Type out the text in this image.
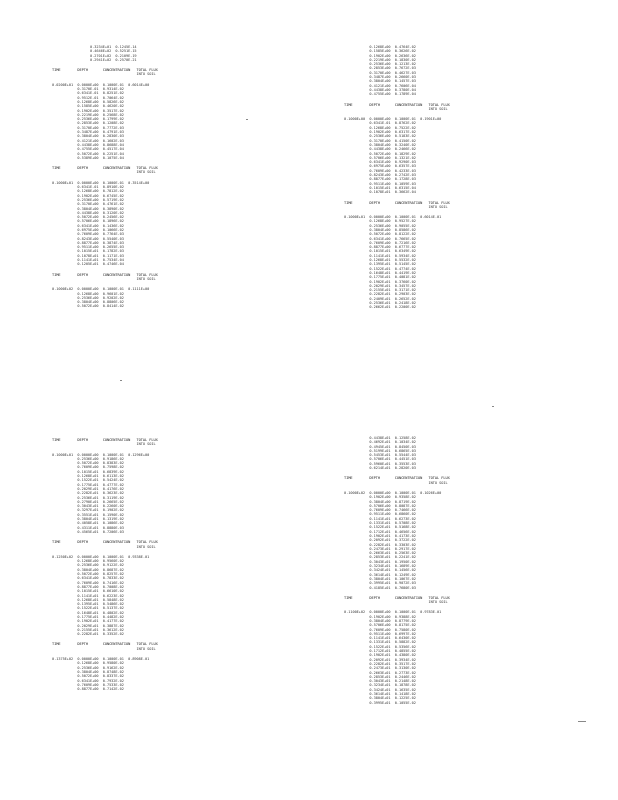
0.3234E+01  0.1245E-14
0.4646E+02  0.5251E-15
0.2701E+02  0.2109E-19
0.2941E+02  0.2570E-21
TIME        DEPTH       CONCENTRATION   TOTAL FLUX
INTO SOIL
0.0200E+01  0.0000E+00  0.1000E-01  0.6014E+00
0.3170E-01  0.9314E-02
0.6341E-01  0.8251E-02
0.9512E-01  0.7064E-02
0.1268E+00  0.5826E-02
0.1585E+00  0.4620E-02
0.1902E+00  0.3517E-02
0.2219E+00  0.2568E-02
0.2536E+00  0.1799E-02
0.2853E+00  0.1208E-02
0.3170E+00  0.7772E-03
0.3487E+00  0.4791E-03
0.3804E+00  0.2830E-03
0.4121E+00  0.1602E-03
0.4438E+00  0.8688E-04
0.4755E+00  0.4517E-04
0.5072E+00  0.2251E-04
0.5389E+00  0.1075E-04
TIME        DEPTH       CONCENTRATION   TOTAL FLUX
INTO SOIL
0.1000E+01  0.0000E+00  0.1000E-01  0.3514E+00
0.6341E-01  0.8910E-02
0.1268E+00  0.7812E-02
0.1902E+00  0.6745E-02
0.2536E+00  0.5719E-02
0.3170E+00  0.4761E-02
0.3804E+00  0.3890E-02
0.4438E+00  0.3120E-02
0.5072E+00  0.2456E-02
0.5706E+00  0.1896E-02
0.6341E+00  0.1436E-02
0.6975E+00  0.1066E-02
0.7609E+00  0.7764E-03
0.8243E+00  0.5540E-03
0.8877E+00  0.3874E-03
0.9511E+00  0.2655E-03
0.1015E+01  0.1782E-03
0.1078E+01  0.1171E-03
0.1141E+01  0.7534E-04
0.1205E+01  0.4746E-04
TIME        DEPTH       CONCENTRATION   TOTAL FLUX
INTO SOIL
0.1000E+02  0.0000E+00  0.1000E-01  0.1111E+00
0.1268E+00  0.9601E-02
0.2536E+00  0.9202E-02
0.3804E+00  0.8806E-02
0.5072E+00  0.8414E-02
0.1268E+00  0.4764E-02
0.1585E+00  0.3626E-02
0.1902E+00  0.2636E-02
0.2219E+00  0.1830E-02
0.2536E+00  0.1213E-02
0.2853E+00  0.7672E-03
0.3170E+00  0.4627E-03
0.3487E+00  0.2660E-03
0.3804E+00  0.1457E-03
0.4121E+00  0.7606E-04
0.4438E+00  0.3780E-04
0.4755E+00  0.1789E-04
TIME        DEPTH       CONCENTRATION   TOTAL FLUX
INTO SOIL
0.1000E+00  0.0000E+00  0.1000E-01  0.1901E+00
0.6341E-01  0.8762E-02
0.1268E+00  0.7522E-02
0.1902E+00  0.6317E-02
0.2536E+00  0.5183E-02
0.3170E+00  0.4150E-02
0.3804E+00  0.3240E-02
0.4438E+00  0.2466E-02
0.5072E+00  0.1829E-02
0.5706E+00  0.1321E-02
0.6341E+00  0.9290E-03
0.6975E+00  0.6357E-03
0.7609E+00  0.4233E-03
0.8243E+00  0.2742E-03
0.8877E+00  0.1728E-03
0.9511E+00  0.1059E-03
0.1015E+01  0.6315E-04
0.1078E+01  0.3662E-04
TIME        DEPTH       CONCENTRATION   TOTAL FLUX
INTO SOIL
0.1000E+01  0.0000E+00  0.1000E-01  0.6014E-01
0.1268E+00  0.9527E-02
0.2536E+00  0.9055E-02
0.3804E+00  0.8586E-02
0.5072E+00  0.8122E-02
0.6341E+00  0.7665E-02
0.7609E+00  0.7216E-02
0.8877E+00  0.6777E-02
0.1015E+01  0.6349E-02
0.1141E+01  0.5934E-02
0.1268E+01  0.5532E-02
0.1395E+01  0.5145E-02
0.1522E+01  0.4774E-02
0.1648E+01  0.4419E-02
0.1775E+01  0.4081E-02
0.1902E+01  0.3760E-02
0.2029E+01  0.3457E-02
0.2155E+01  0.3171E-02
0.2282E+01  0.2903E-02
0.2409E+01  0.2652E-02
0.2536E+01  0.2418E-02
0.2662E+01  0.2200E-02
TIME        DEPTH       CONCENTRATION   TOTAL FLUX
INTO SOIL
0.1000E+01  0.0000E+00  0.1000E-01  0.1296E+00
0.2536E+00  0.9186E-02
0.5072E+00  0.8383E-02
0.7609E+00  0.7598E-02
0.1015E+01  0.6839E-02
0.1268E+01  0.6113E-02
0.1522E+01  0.5424E-02
0.1775E+01  0.4777E-02
0.2029E+01  0.4176E-02
0.2282E+01  0.3623E-02
0.2536E+01  0.3119E-02
0.2790E+01  0.2665E-02
0.3043E+01  0.2260E-02
0.3297E+01  0.1902E-02
0.3551E+01  0.1590E-02
0.3804E+01  0.1319E-02
0.4058E+01  0.1086E-02
0.4311E+01  0.8880E-03
0.4565E+01  0.7206E-03
TIME        DEPTH       CONCENTRATION   TOTAL FLUX
INTO SOIL
0.1250E+02  0.0000E+00  0.1000E-01  0.9338E-01
0.1268E+00  0.9560E-02
0.2536E+00  0.9122E-02
0.3804E+00  0.8687E-02
0.5072E+00  0.8257E-02
0.6341E+00  0.7833E-02
0.7609E+00  0.7416E-02
0.8877E+00  0.7008E-02
0.1015E+01  0.6610E-02
0.1141E+01  0.6223E-02
0.1268E+01  0.5848E-02
0.1395E+01  0.5486E-02
0.1522E+01  0.5137E-02
0.1648E+01  0.4802E-02
0.1775E+01  0.4482E-02
0.1902E+01  0.4177E-02
0.2029E+01  0.3887E-02
0.2155E+01  0.3612E-02
0.2282E+01  0.3352E-02
TIME        DEPTH       CONCENTRATION   TOTAL FLUX
INTO SOIL
0.1375E+02  0.0000E+00  0.1000E-01  0.8908E-01
0.1268E+00  0.9580E-02
0.2536E+00  0.9162E-02
0.3804E+00  0.8748E-02
0.5072E+00  0.8337E-02
0.6341E+00  0.7932E-02
0.7609E+00  0.7533E-02
0.8877E+00  0.7142E-02
0.4438E+01  0.1258E-02
0.4692E+01  0.1034E-02
0.4945E+01  0.8450E-03
0.5199E+01  0.6865E-03
0.5453E+01  0.5544E-03
0.5706E+01  0.4451E-03
0.5960E+01  0.3553E-03
0.6214E+01  0.2820E-03
TIME        DEPTH       CONCENTRATION   TOTAL FLUX
INTO SOIL
0.1000E+02  0.0000E+00  0.1000E-01  0.1026E+00
0.1902E+00  0.9358E-02
0.3804E+00  0.8719E-02
0.5706E+00  0.8087E-02
0.7609E+00  0.7466E-02
0.9511E+00  0.6860E-02
0.1141E+01  0.6273E-02
0.1331E+01  0.5708E-02
0.1522E+01  0.5168E-02
0.1712E+01  0.4656E-02
0.1902E+01  0.4173E-02
0.2092E+01  0.3722E-02
0.2282E+01  0.3303E-02
0.2473E+01  0.2917E-02
0.2663E+01  0.2563E-02
0.2853E+01  0.2241E-02
0.3043E+01  0.1950E-02
0.3234E+01  0.1689E-02
0.3424E+01  0.1456E-02
0.3614E+01  0.1249E-02
0.3804E+01  0.1067E-02
0.3995E+01  0.9072E-03
0.4185E+01  0.7680E-03
TIME        DEPTH       CONCENTRATION   TOTAL FLUX
INTO SOIL
0.1100E+02  0.0000E+00  0.1000E-01  0.9783E-01
0.1902E+00  0.9388E-02
0.3804E+00  0.8779E-02
0.5706E+00  0.8175E-02
0.7609E+00  0.7580E-02
0.9511E+00  0.6997E-02
0.1141E+01  0.6430E-02
0.1331E+01  0.5882E-02
0.1522E+01  0.5356E-02
0.1712E+01  0.4855E-02
0.1902E+01  0.4380E-02
0.2092E+01  0.3934E-02
0.2282E+01  0.3517E-02
0.2473E+01  0.3130E-02
0.2663E+01  0.2773E-02
0.2853E+01  0.2446E-02
0.3043E+01  0.2148E-02
0.3234E+01  0.1878E-02
0.3424E+01  0.1635E-02
0.3614E+01  0.1418E-02
0.3804E+01  0.1225E-02
0.3995E+01  0.1055E-02
